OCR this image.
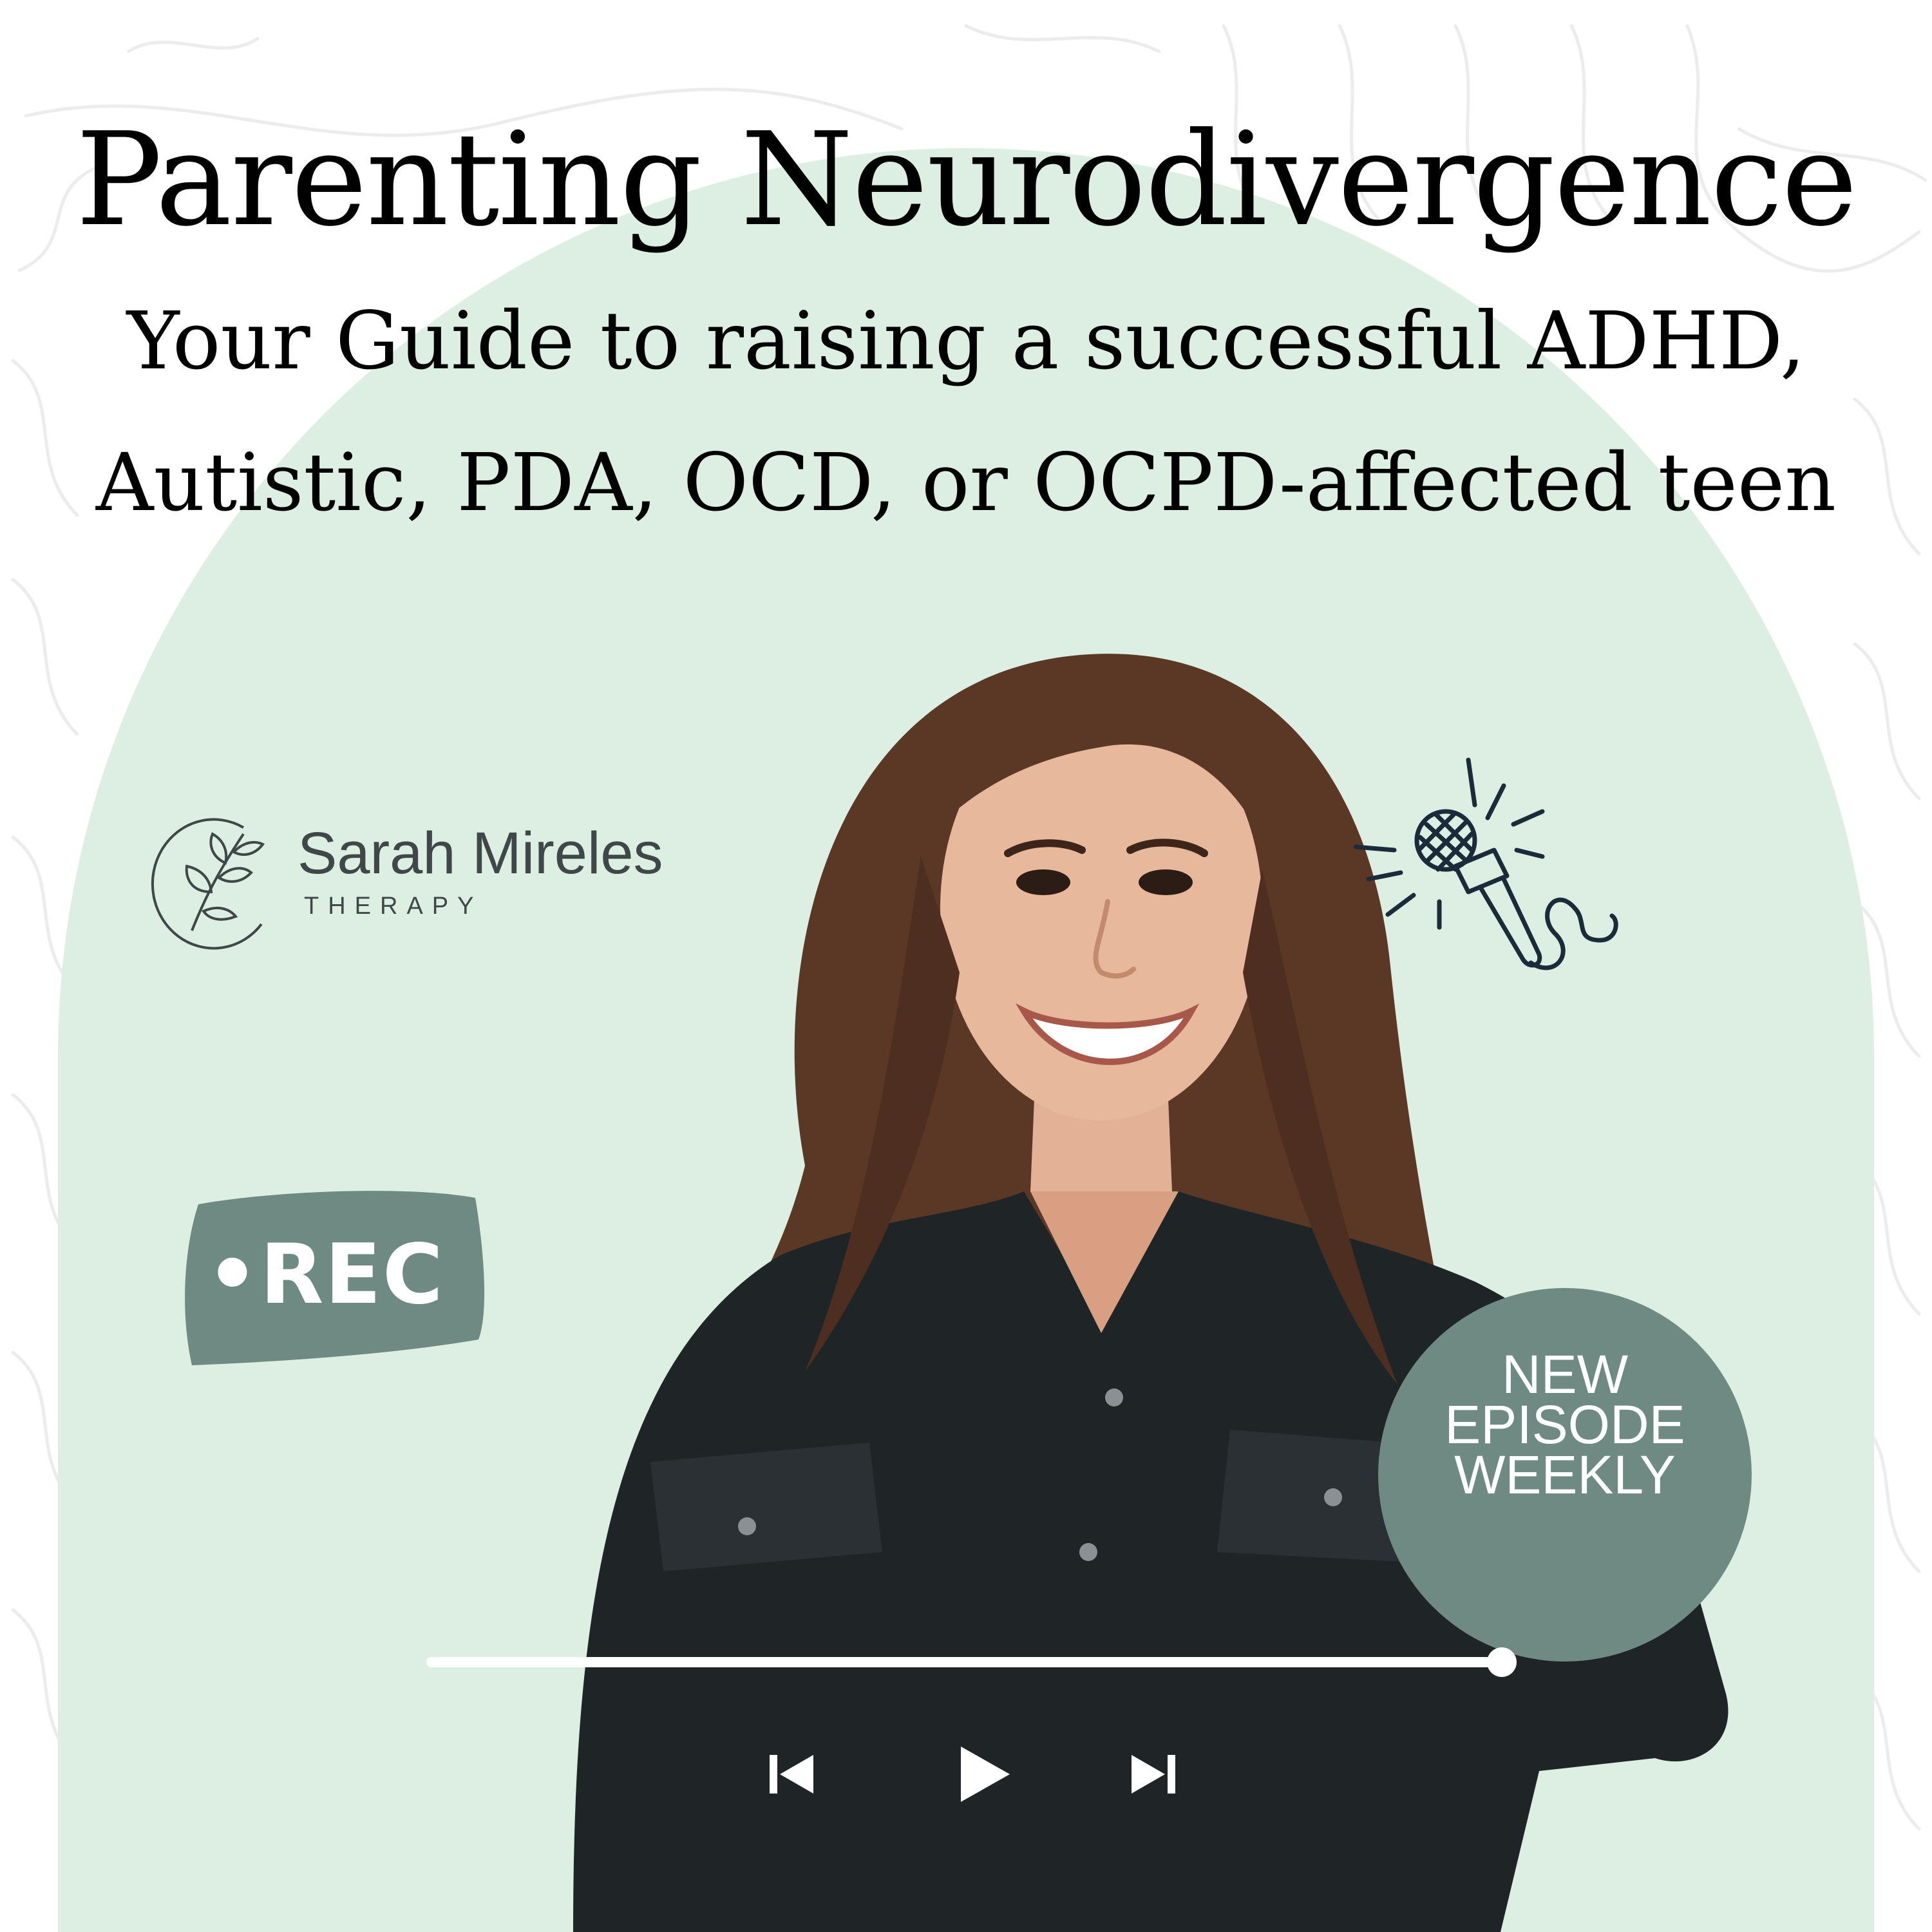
Parenting Neurodivergence
Your Guide to raising a successful ADHD,
Autistic, PDA, OCD, or OCPD-affected teen
Sarah Mireles
THERAPY
•REC
NEW
EPISODE
WEEKLY
